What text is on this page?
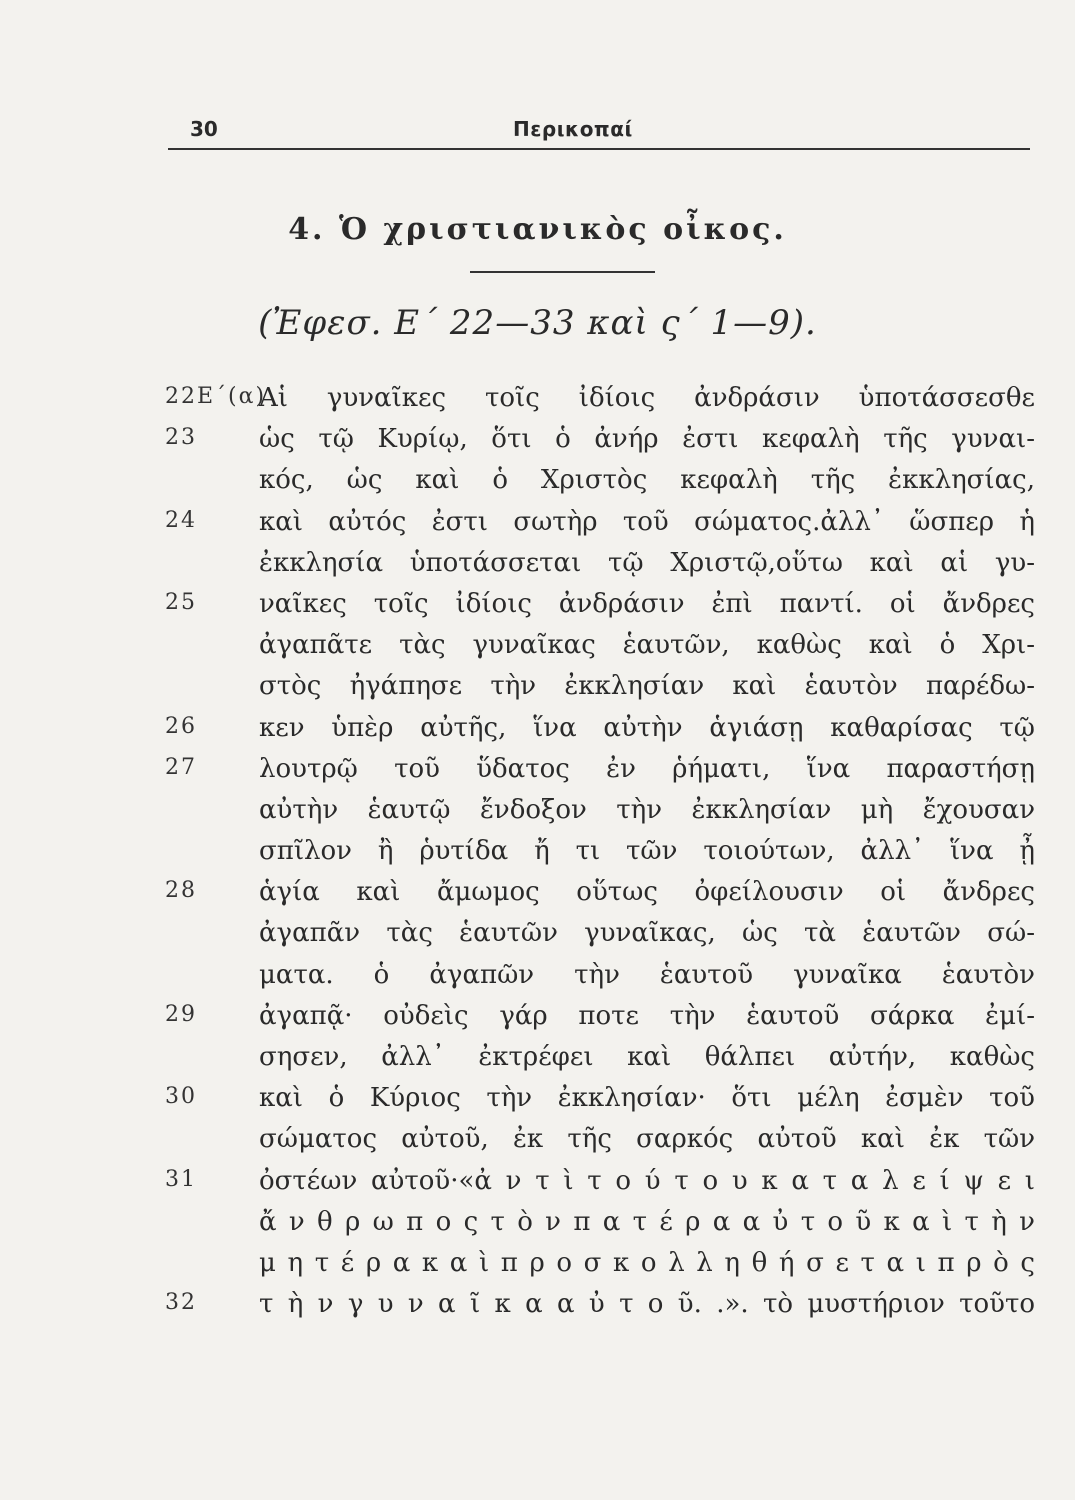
30	Περικοπαί
4. Ὁ χριστιανικὸς οἶκος.
(Ἐφεσ. Ε΄ 22—33 καὶ ς΄ 1—9).
22Ε΄(α)
Αἱ γυναῖκες τοῖς ἰδίοις ἀνδράσιν ὑποτάσσεσθε
23 ὡς τῷ Κυρίῳ, ὅτι ὁ ἀνήρ ἐστι κεφαλὴ τῆς γυναι-
κός, ὡς καὶ ὁ Χριστὸς κεφαλὴ τῆς ἐκκλησίας,
24 καὶ αὐτός ἐστι σωτὴρ τοῦ σώματος.ἀλλ᾿ ὥσπερ ἡ
ἐκκλησία ὑποτάσσεται τῷ Χριστῷ,οὕτω καὶ αἱ γυ-
25 ναῖκες τοῖς ἰδίοις ἀνδράσιν ἐπὶ παντί. οἱ ἄνδρες
ἀγαπᾶτε τὰς γυναῖκας ἑαυτῶν, καθὼς καὶ ὁ Χρι-
στὸς ἠγάπησε τὴν ἐκκλησίαν καὶ ἑαυτὸν παρέδω-
26 κεν ὑπὲρ αὐτῆς, ἵνα αὐτὴν ἁγιάσῃ καθαρίσας τῷ
27 λουτρῷ τοῦ ὕδατος ἐν ῥήματι, ἵνα παραστήσῃ
αὐτὴν ἑαυτῷ ἔνδοξον τὴν ἐκκλησίαν μὴ ἔχουσαν
σπῖλον ἢ ῥυτίδα ἤ τι τῶν τοιούτων, ἀλλ᾿ ἵνα ᾖ
28 ἁγία καὶ ἄμωμος οὕτως ὀφείλουσιν οἱ ἄνδρες
ἀγαπᾶν τὰς ἑαυτῶν γυναῖκας, ὡς τὰ ἑαυτῶν σώ-
ματα. ὁ ἀγαπῶν τὴν ἑαυτοῦ γυναῖκα ἑαυτὸν
29 ἀγαπᾷ· οὐδεὶς γάρ ποτε τὴν ἑαυτοῦ σάρκα ἐμί-
σησεν, ἀλλ᾿ ἐκτρέφει καὶ θάλπει αὐτήν, καθὼς
30 καὶ ὁ Κύριος τὴν ἐκκλησίαν· ὅτι μέλη ἐσμὲν τοῦ
σώματος αὐτοῦ, ἐκ τῆς σαρκός αὐτοῦ καὶ ἐκ τῶν
31 ὀστέων αὐτοῦ·«ἀ ν τ ὶ τ ο ύ τ ο υ κ α τ α λ ε ί ψ ε ι
ἄ ν θ ρ ω π ο ς τ ὸ ν π α τ έ ρ α α ὐ τ ο ῦ κ α ὶ τ ὴ ν
μ η τ έ ρ α κ α ὶ π ρ ο σ κ ο λ λ η θ ή σ ε τ α ι π ρ ὸ ς
32 τ ὴ ν γ υ ν α ῖ κ α α ὐ τ ο ῦ. .». τὸ μυστήριον τοῦτο
